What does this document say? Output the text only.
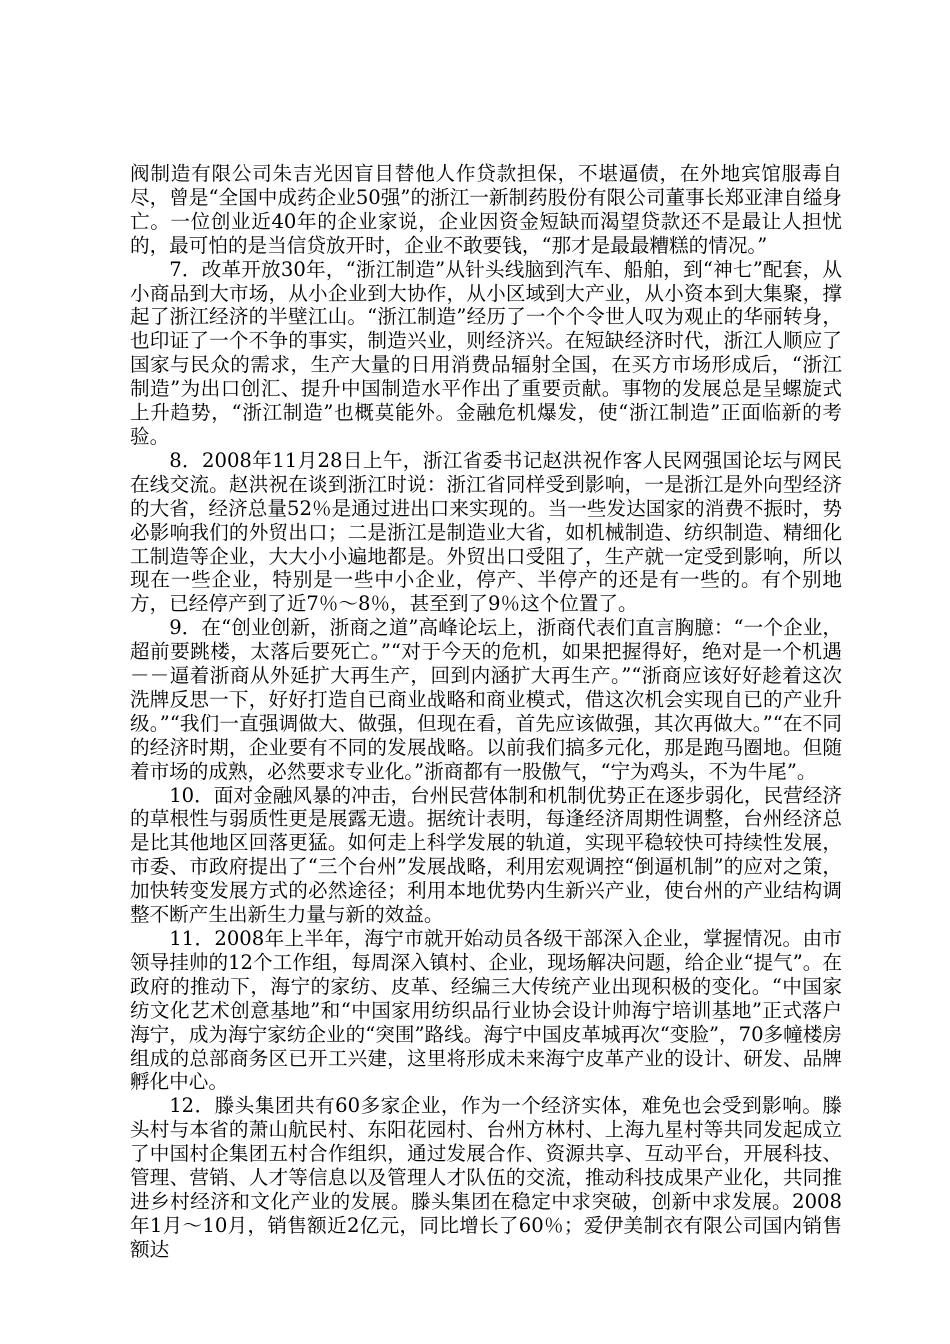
阀制造有限公司朱吉光因盲目替他人作贷款担保，不堪逼债，在外地宾馆服毒自尽，曾是“全国中成药企业50强”的浙江一新制药股份有限公司董事长郑亚津自缢身亡。一位创业近40年的企业家说，企业因资金短缺而渴望贷款还不是最让人担忧的，最可怕的是当信贷放开时，企业不敢要钱，“那才是最最糟糕的情况。”

7．改革开放30年，“浙江制造”从针头线脑到汽车、船舶，到“神七”配套，从小商品到大市场，从小企业到大协作，从小区域到大产业，从小资本到大集聚，撑起了浙江经济的半壁江山。“浙江制造”经历了一个个令世人叹为观止的华丽转身，也印证了一个不争的事实，制造兴业，则经济兴。在短缺经济时代，浙江人顺应了国家与民众的需求，生产大量的日用消费品辐射全国，在买方市场形成后，“浙江制造”为出口创汇、提升中国制造水平作出了重要贡献。事物的发展总是呈螺旋式上升趋势，“浙江制造”也概莫能外。金融危机爆发，使“浙江制造”正面临新的考验。

8．2008年11月28日上午，浙江省委书记赵洪祝作客人民网强国论坛与网民在线交流。赵洪祝在谈到浙江时说：浙江省同样受到影响，一是浙江是外向型经济的大省，经济总量52％是通过进出口来实现的。当一些发达国家的消费不振时，势必影响我们的外贸出口；二是浙江是制造业大省，如机械制造、纺织制造、精细化工制造等企业，大大小小遍地都是。外贸出口受阻了，生产就一定受到影响，所以现在一些企业，特别是一些中小企业，停产、半停产的还是有一些的。有个别地方，已经停产到了近7％～8％，甚至到了9％这个位置了。

9．在“创业创新，浙商之道”高峰论坛上，浙商代表们直言胸臆：“一个企业，超前要跳楼，太落后要死亡。”“对于今天的危机，如果把握得好，绝对是一个机遇－－逼着浙商从外延扩大再生产，回到内涵扩大再生产。”“浙商应该好好趁着这次洗牌反思一下，好好打造自已商业战略和商业模式，借这次机会实现自已的产业升级。”“我们一直强调做大、做强，但现在看，首先应该做强，其次再做大。”“在不同的经济时期，企业要有不同的发展战略。以前我们搞多元化，那是跑马圈地。但随着市场的成熟，必然要求专业化。”浙商都有一股傲气，“宁为鸡头，不为牛尾”。

10．面对金融风暴的冲击，台州民营体制和机制优势正在逐步弱化，民营经济的草根性与弱质性更是展露无遗。据统计表明，每逢经济周期性调整，台州经济总是比其他地区回落更猛。如何走上科学发展的轨道，实现平稳较快可持续性发展，市委、市政府提出了“三个台州”发展战略，利用宏观调控“倒逼机制”的应对之策，加快转变发展方式的必然途径；利用本地优势内生新兴产业，使台州的产业结构调整不断产生出新生力量与新的效益。

11．2008年上半年，海宁市就开始动员各级干部深入企业，掌握情况。由市领导挂帅的12个工作组，每周深入镇村、企业，现场解决问题，给企业“提气”。在政府的推动下，海宁的家纺、皮革、经编三大传统产业出现积极的变化。“中国家纺文化艺术创意基地”和“中国家用纺织品行业协会设计帅海宁培训基地”正式落户海宁，成为海宁家纺企业的“突围”路线。海宁中国皮革城再次“变脸”，70多幢楼房组成的总部商务区已开工兴建，这里将形成未来海宁皮革产业的设计、研发、品牌孵化中心。

12．滕头集团共有60多家企业，作为一个经济实体，难免也会受到影响。滕头村与本省的萧山航民村、东阳花园村、台州方林村、上海九星村等共同发起成立了中国村企集团五村合作组织，通过发展合作、资源共享、互动平台，开展科技、管理、营销、人才等信息以及管理人才队伍的交流，推动科技成果产业化，共同推进乡村经济和文化产业的发展。滕头集团在稳定中求突破，创新中求发展。2008年1月～10月，销售额近2亿元，同比增长了60％；爱伊美制衣有限公司国内销售额达
